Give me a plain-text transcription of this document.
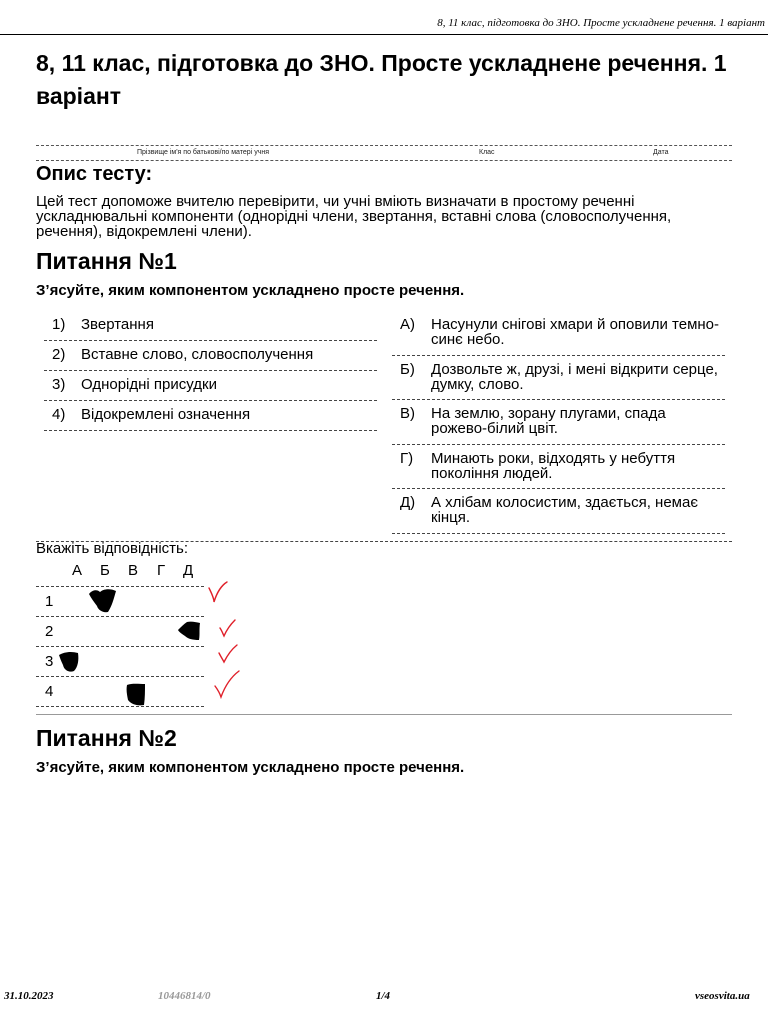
8, 11 клас, підготовка до ЗНО. Просте ускладнене речення. 1 варіант
8, 11 клас, підготовка до ЗНО. Просте ускладнене речення. 1 варіант
Прізвище ім'я по батькові/по матері учня	Клас	Дата
Опис тесту:
Цей тест допоможе вчителю перевірити, чи учні вміють визначати в простому реченні ускладнювальні компоненти (однорідні члени, звертання, вставні слова (словосполучення, речення), відокремлені члени).
Питання №1
З’ясуйте, яким компонентом ускладнено просте речення.
1) Звертання
2) Вставне слово, словосполучення
3) Однорідні присудки
4) Відокремлені означення
А) Насунули снігові хмари й оповили темно-синє небо.
Б) Дозвольте ж, друзі, і мені відкрити серце, думку, слово.
В) На землю, зорану плугами, спада рожево-білий цвіт.
Г) Минають роки, відходять у небуття покоління людей.
Д) А хлібам колосистим, здається, немає кінця.
Вкажіть відповідність:
А Б В Г Д
1
2
3
4
Питання №2
З’ясуйте, яким компонентом ускладнено просте речення.
31.10.2023	10446814/0	1/4	vseosvita.ua
